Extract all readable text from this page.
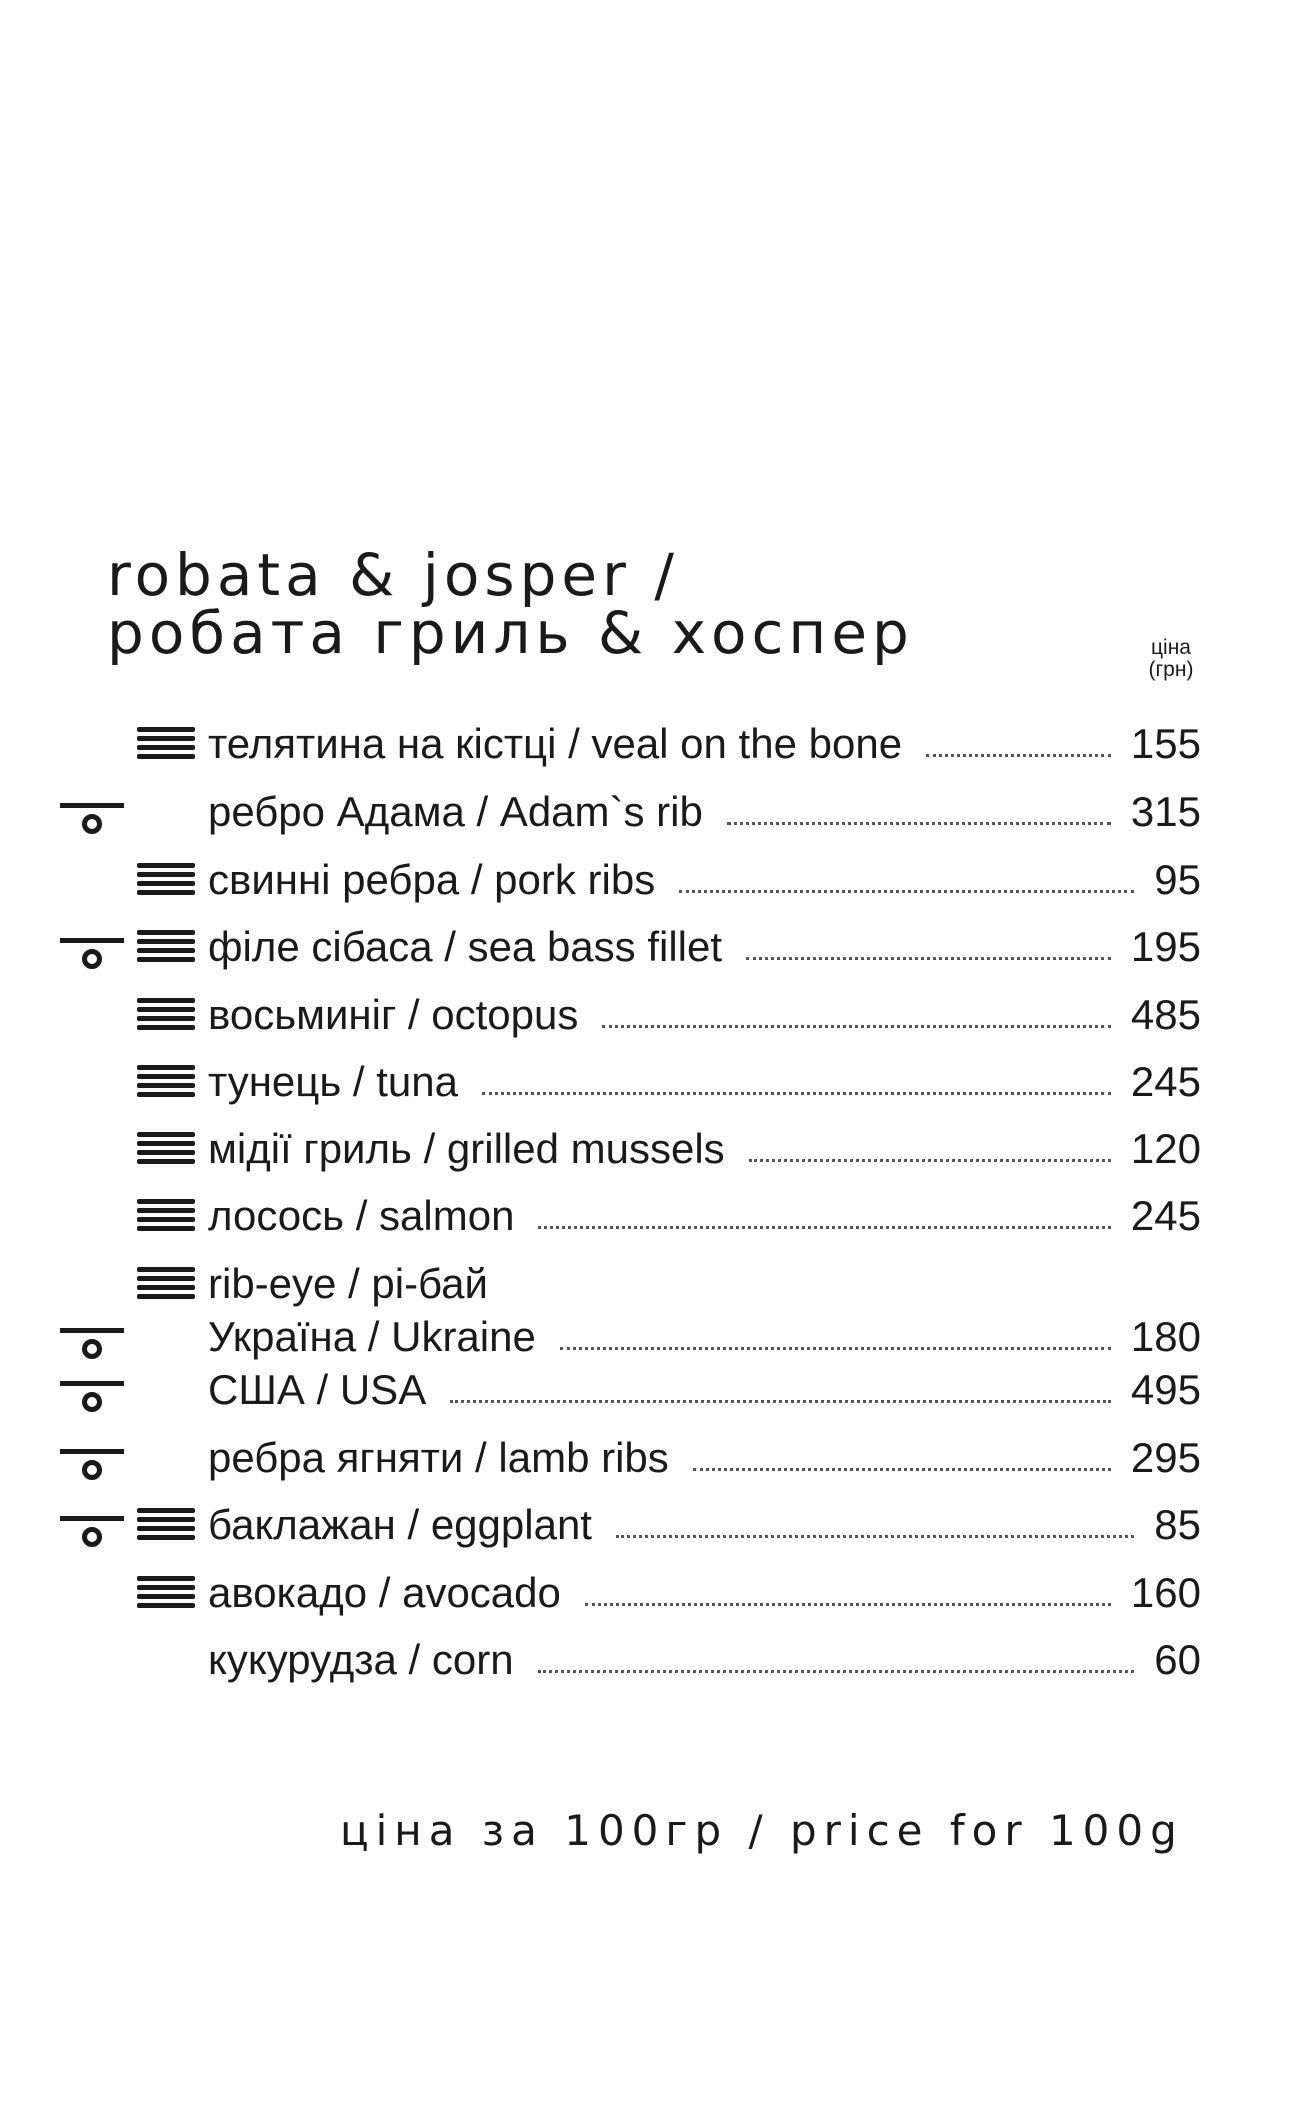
robata & josper /
робата гриль & хоспер	ціна
(грн)
телятина на кістці / veal on the bone	155
ребро Адама / Adam`s rib	315
свинні ребра / pork ribs	95
філе сібаса / sea bass fillet	195
восьминіг / octopus	485
тунець / tuna	245
мідії гриль / grilled mussels	120
лосось / salmon	245
rib-eye / рі-бай
Україна / Ukraine	180
США / USA	495
ребра ягняти / lamb ribs	295
баклажан / eggplant	85
авокадо / avocado	160
кукурудза / corn	60
ціна за 100гр / price for 100g
